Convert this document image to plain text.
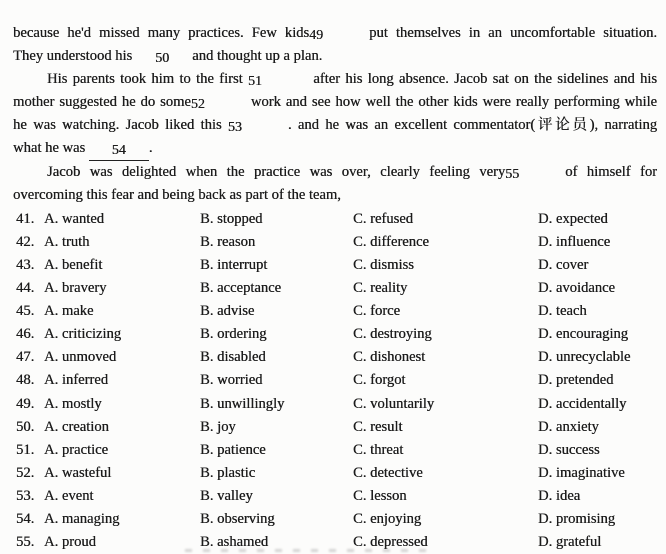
because he'd missed many practices. Few kids49	put themselves in an uncomfortable situation.
They understood his 50 and thought up a plan.
His parents took him to the first 51	after his long absence. Jacob sat on the sidelines and his
mother suggested he do some52	work and see how well the other kids were really performing while
he was watching. Jacob liked this 53	. and he was an excellent commentator(评论员), narrating
what he was 54 .
Jacob was delighted when the practice was over, clearly feeling very55	of himself for
overcoming this fear and being back as part of the team,
41. A. wanted	B. stopped	C. refused	D. expected
42. A. truth	B. reason	C. difference	D. influence
43. A. benefit	B. interrupt	C. dismiss	D. cover
44. A. bravery	B. acceptance	C. reality	D. avoidance
45. A. make	B. advise	C. force	D. teach
46. A. criticizing	B. ordering	C. destroying	D. encouraging
47. A. unmoved	B. disabled	C. dishonest	D. unrecyclable
48. A. inferred	B. worried	C. forgot	D. pretended
49. A. mostly	B. unwillingly	C. voluntarily	D. accidentally
50. A. creation	B. joy	C. result	D. anxiety
51. A. practice	B. patience	C. threat	D. success
52. A. wasteful	B. plastic	C. detective	D. imaginative
53. A. event	B. valley	C. lesson	D. idea
54. A. managing	B. observing	C. enjoying	D. promising
55. A. proud	B. ashamed	C. depressed	D. grateful
